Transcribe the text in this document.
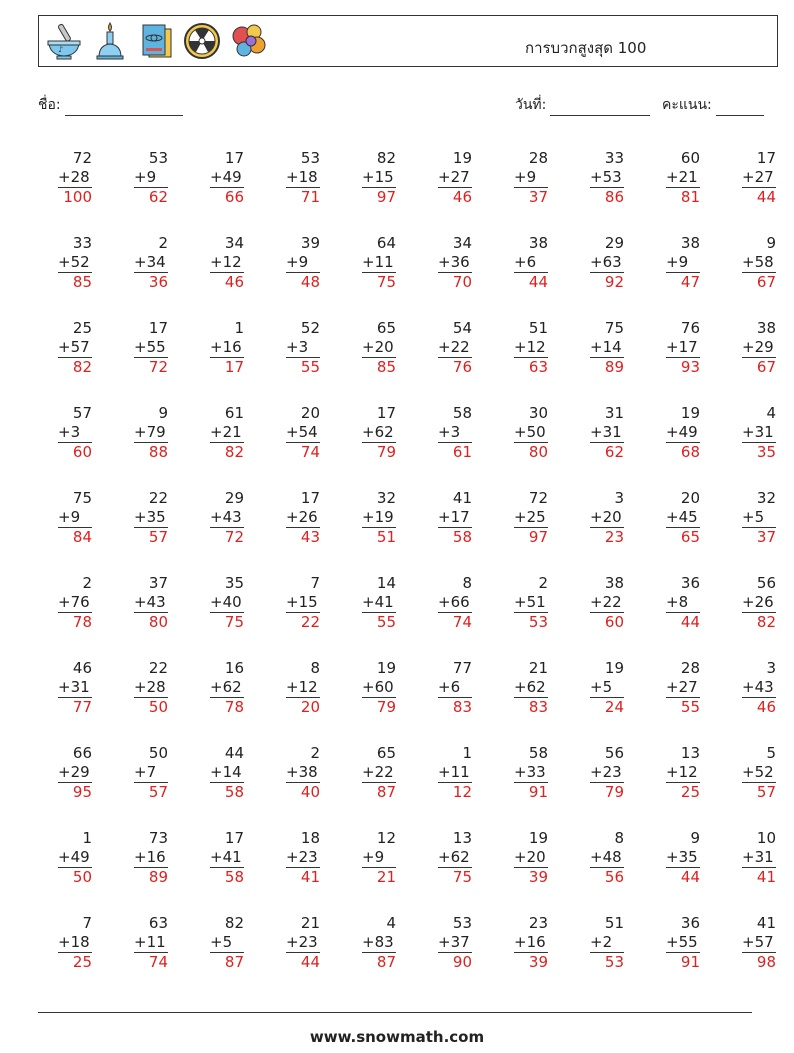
♪	การบวกสูงสุด 100
ชื่อ:	วันที่:	คะแนน:
72
+28
100
53
+9
62
17
+49
66
53
+18
71
82
+15
97
19
+27
46
28
+9
37
33
+53
86
60
+21
81
17
+27
44
33
+52
85
2
+34
36
34
+12
46
39
+9
48
64
+11
75
34
+36
70
38
+6
44
29
+63
92
38
+9
47
9
+58
67
25
+57
82
17
+55
72
1
+16
17
52
+3
55
65
+20
85
54
+22
76
51
+12
63
75
+14
89
76
+17
93
38
+29
67
57
+3
60
9
+79
88
61
+21
82
20
+54
74
17
+62
79
58
+3
61
30
+50
80
31
+31
62
19
+49
68
4
+31
35
75
+9
84
22
+35
57
29
+43
72
17
+26
43
32
+19
51
41
+17
58
72
+25
97
3
+20
23
20
+45
65
32
+5
37
2
+76
78
37
+43
80
35
+40
75
7
+15
22
14
+41
55
8
+66
74
2
+51
53
38
+22
60
36
+8
44
56
+26
82
46
+31
77
22
+28
50
16
+62
78
8
+12
20
19
+60
79
77
+6
83
21
+62
83
19
+5
24
28
+27
55
3
+43
46
66
+29
95
50
+7
57
44
+14
58
2
+38
40
65
+22
87
1
+11
12
58
+33
91
56
+23
79
13
+12
25
5
+52
57
1
+49
50
73
+16
89
17
+41
58
18
+23
41
12
+9
21
13
+62
75
19
+20
39
8
+48
56
9
+35
44
10
+31
41
7
+18
25
63
+11
74
82
+5
87
21
+23
44
4
+83
87
53
+37
90
23
+16
39
51
+2
53
36
+55
91
41
+57
98
www.snowmath.com
